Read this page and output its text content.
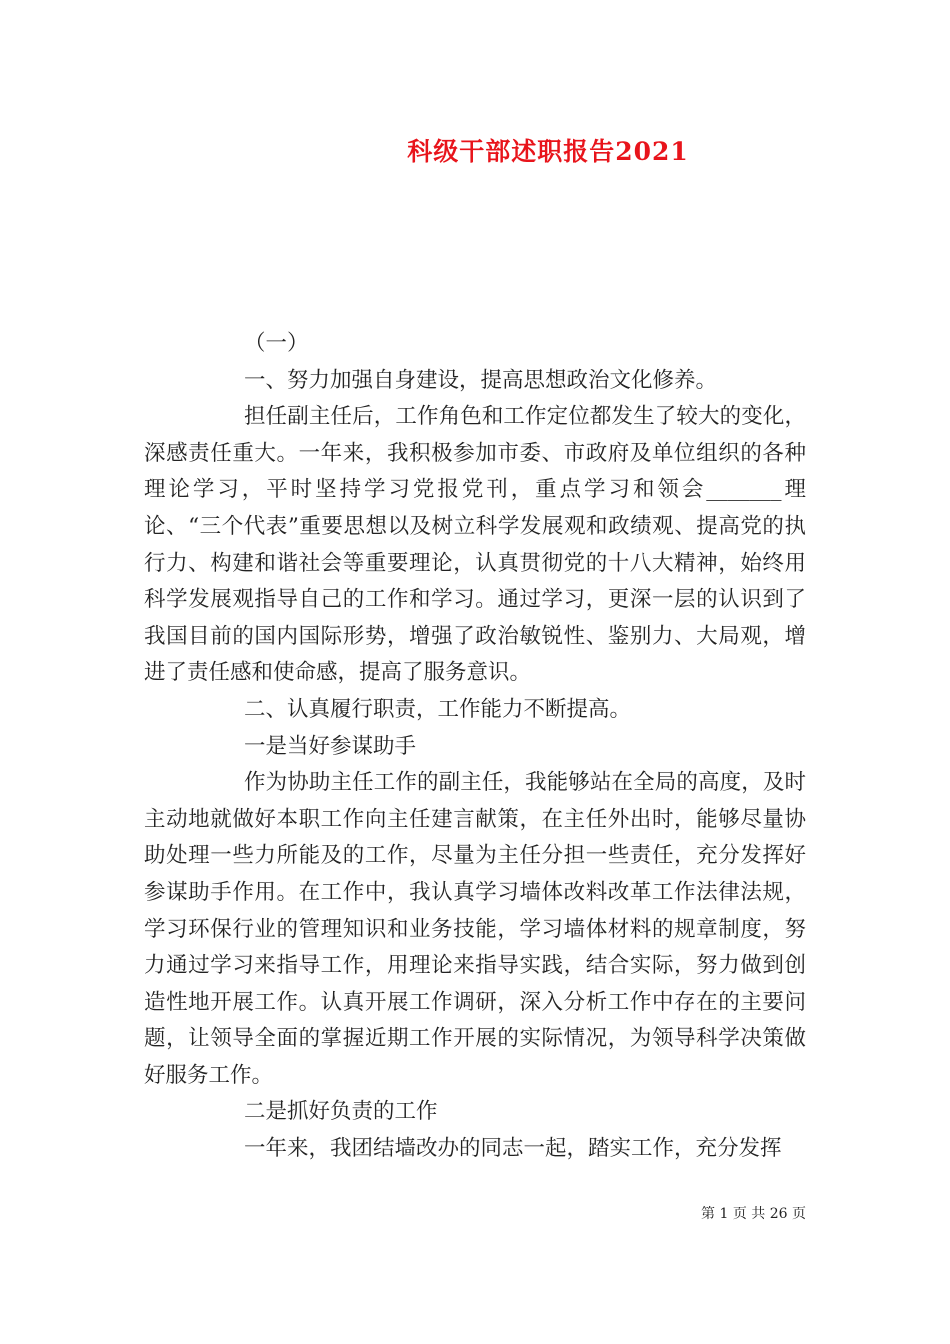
科级干部述职报告2021

（一）

一、努力加强自身建设，提高思想政治文化修养。

担任副主任后，工作角色和工作定位都发生了较大的变化，深感责任重大。一年来，我积极参加市委、市政府及单位组织的各种理论学习，平时坚持学习党报党刊，重点学习和领会_______理论、“三个代表”重要思想以及树立科学发展观和政绩观、提高党的执行力、构建和谐社会等重要理论，认真贯彻党的十八大精神，始终用科学发展观指导自己的工作和学习。通过学习，更深一层的认识到了我国目前的国内国际形势，增强了政治敏锐性、鉴别力、大局观，增进了责任感和使命感，提高了服务意识。

二、认真履行职责，工作能力不断提高。

一是当好参谋助手

作为协助主任工作的副主任，我能够站在全局的高度，及时主动地就做好本职工作向主任建言献策，在主任外出时，能够尽量协助处理一些力所能及的工作，尽量为主任分担一些责任，充分发挥好参谋助手作用。在工作中，我认真学习墙体改料改革工作法律法规，学习环保行业的管理知识和业务技能，学习墙体材料的规章制度，努力通过学习来指导工作，用理论来指导实践，结合实际，努力做到创造性地开展工作。认真开展工作调研，深入分析工作中存在的主要问题，让领导全面的掌握近期工作开展的实际情况，为领导科学决策做好服务工作。

二是抓好负责的工作

一年来，我团结墙改办的同志一起，踏实工作，充分发挥

第 1 页 共 26 页
